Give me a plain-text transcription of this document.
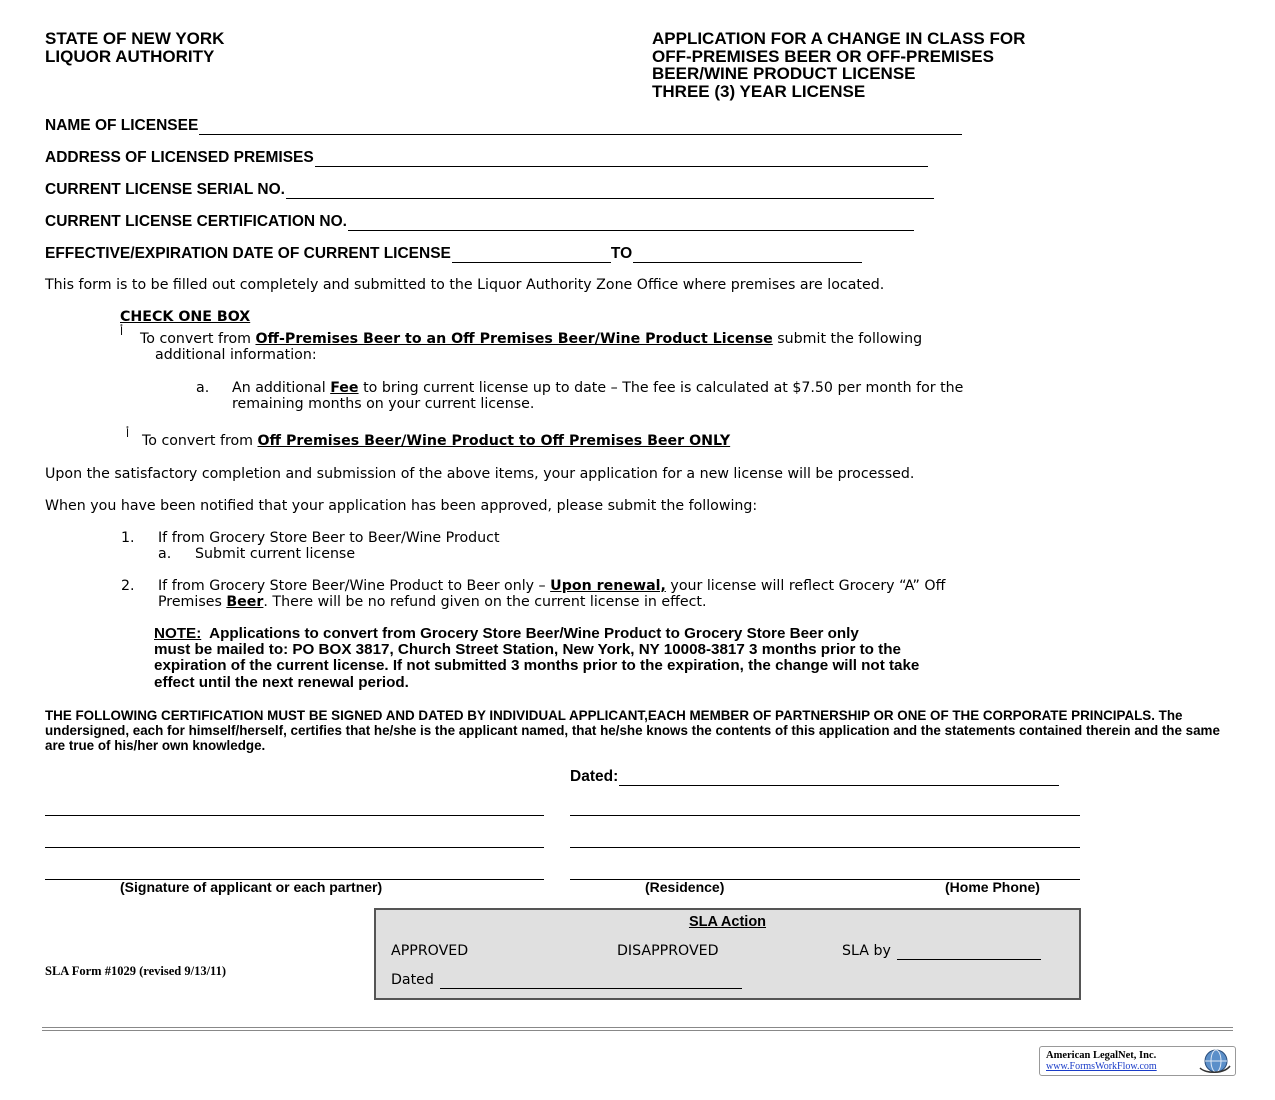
STATE OF NEW YORK
LIQUOR AUTHORITY
APPLICATION FOR A CHANGE IN CLASS FOR
OFF-PREMISES BEER OR OFF-PREMISES
BEER/WINE PRODUCT LICENSE
THREE (3) YEAR LICENSE
NAME OF LICENSEE
ADDRESS OF LICENSED PREMISES
CURRENT LICENSE SERIAL NO.
CURRENT LICENSE CERTIFICATION NO.
EFFECTIVE/EXPIRATION DATE OF CURRENT LICENSE	TO
This form is to be filled out completely and submitted to the Liquor Authority Zone Office where premises are located.
CHECK ONE BOX
أ To convert from Off-Premises Beer to an Off Premises Beer/Wine Product License submit the following
additional information:
a. An additional Fee to bring current license up to date – The fee is calculated at $7.50 per month for the
remaining months on your current license.
أ To convert from Off Premises Beer/Wine Product to Off Premises Beer ONLY
Upon the satisfactory completion and submission of the above items, your application for a new license will be processed.
When you have been notified that your application has been approved, please submit the following:
1. If from Grocery Store Beer to Beer/Wine Product
a. Submit current license
2. If from Grocery Store Beer/Wine Product to Beer only – Upon renewal, your license will reflect Grocery “A” Off
Premises Beer. There will be no refund given on the current license in effect.
NOTE:  Applications to convert from Grocery Store Beer/Wine Product to Grocery Store Beer only
must be mailed to: PO BOX 3817, Church Street Station, New York, NY 10008-3817 3 months prior to the
expiration of the current license. If not submitted 3 months prior to the expiration, the change will not take
effect until the next renewal period.
THE FOLLOWING CERTIFICATION MUST BE SIGNED AND DATED BY INDIVIDUAL APPLICANT,EACH MEMBER OF PARTNERSHIP OR ONE OF THE CORPORATE PRINCIPALS. The undersigned, each for himself/herself, certifies that he/she is the applicant named, that he/she knows the contents of this application and the statements contained therein and the same are true of his/her own knowledge.
Dated:
(Signature of applicant or each partner)	(Residence)	(Home Phone)
SLA Action
APPROVED	DISAPPROVED	SLA by
Dated
SLA Form #1029 (revised 9/13/11)
American LegalNet, Inc.
www.FormsWorkFlow.com
